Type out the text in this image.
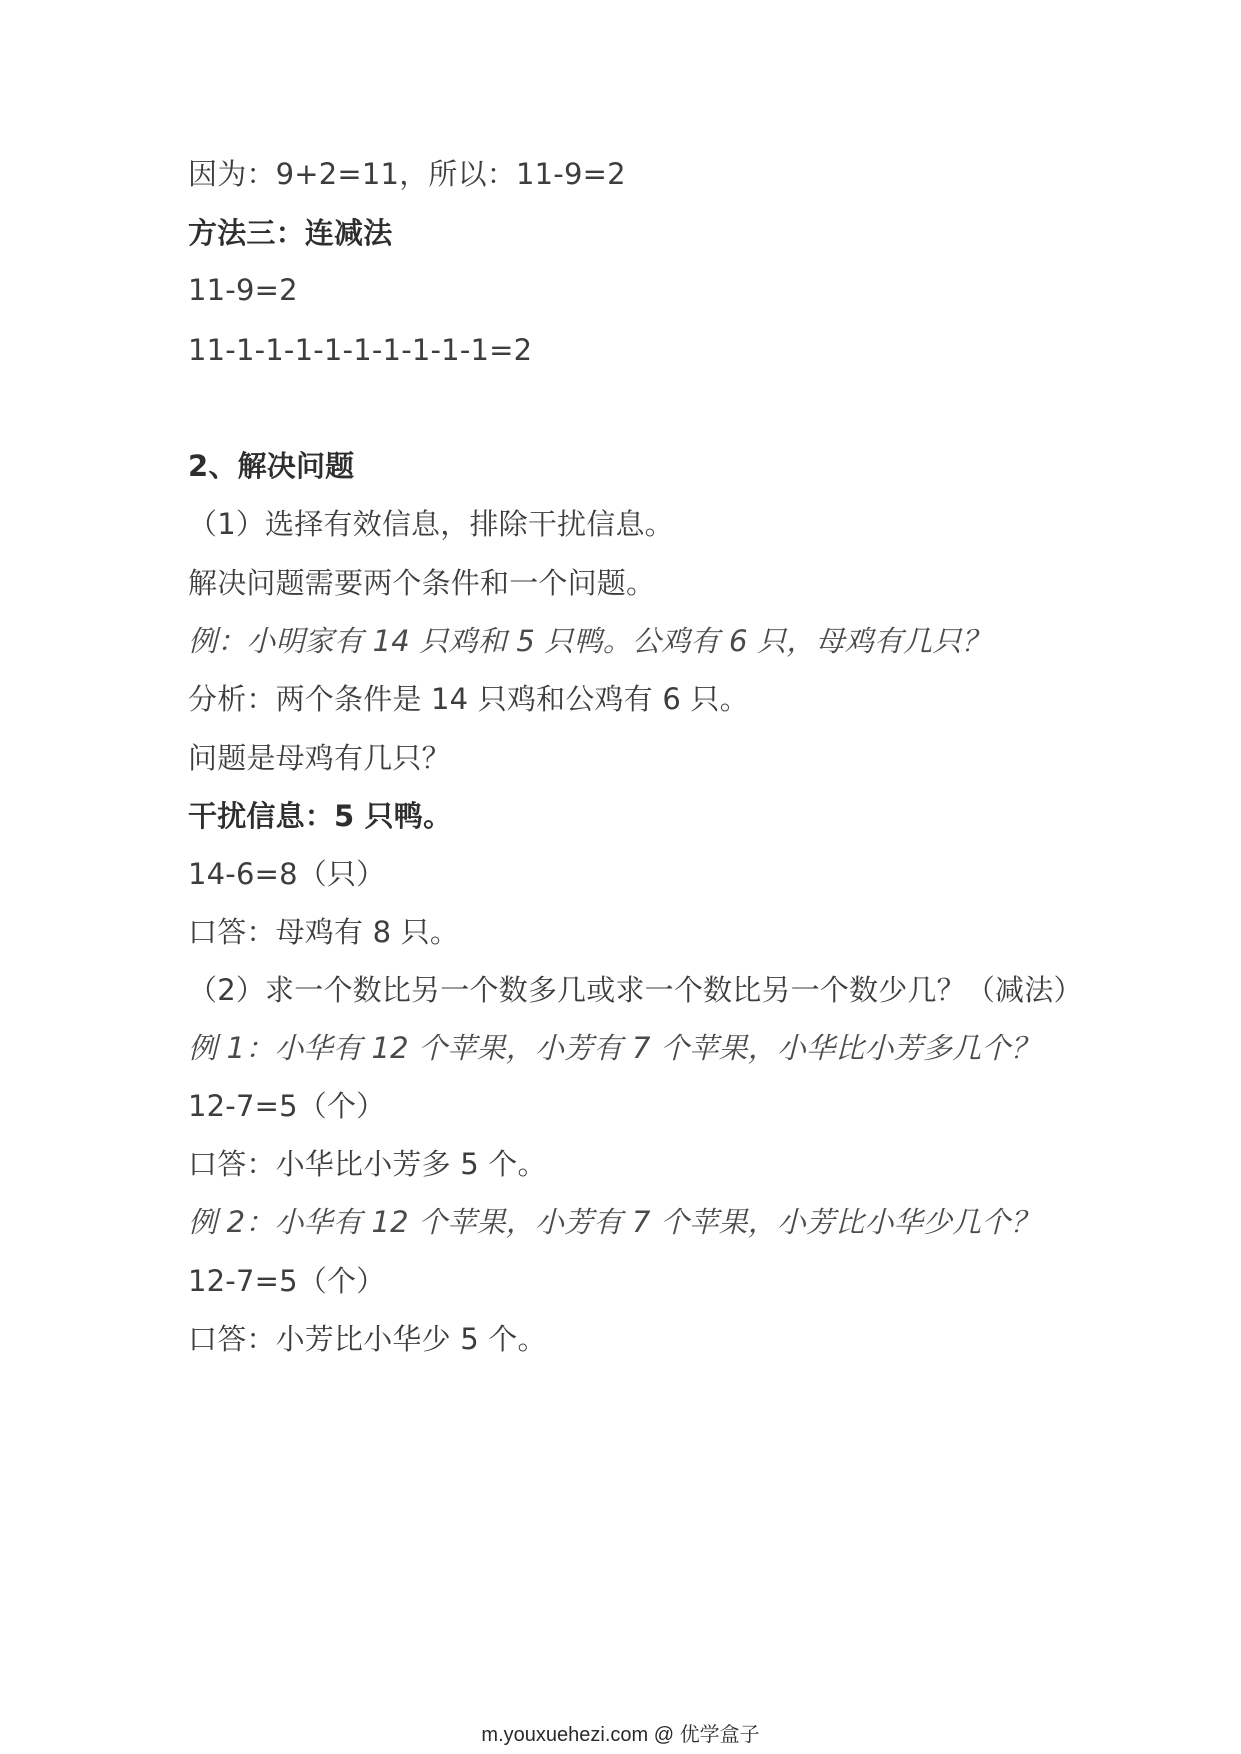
因为：9+2=11，所以：11-9=2
方法三：连减法
11-9=2
11-1-1-1-1-1-1-1-1-1=2
2、解决问题
（1）选择有效信息，排除干扰信息。
解决问题需要两个条件和一个问题。
例：小明家有 14 只鸡和 5 只鸭。公鸡有 6 只，母鸡有几只？
分析：两个条件是 14 只鸡和公鸡有 6 只。
问题是母鸡有几只？
干扰信息：5 只鸭。
14-6=8（只）
口答：母鸡有 8 只。
（2）求一个数比另一个数多几或求一个数比另一个数少几？（减法）
例 1：小华有 12 个苹果，小芳有 7 个苹果，小华比小芳多几个？
12-7=5（个）
口答：小华比小芳多 5 个。
例 2：小华有 12 个苹果，小芳有 7 个苹果，小芳比小华少几个？
12-7=5（个）
口答：小芳比小华少 5 个。
m.youxuehezi.com @ 优学盒子
